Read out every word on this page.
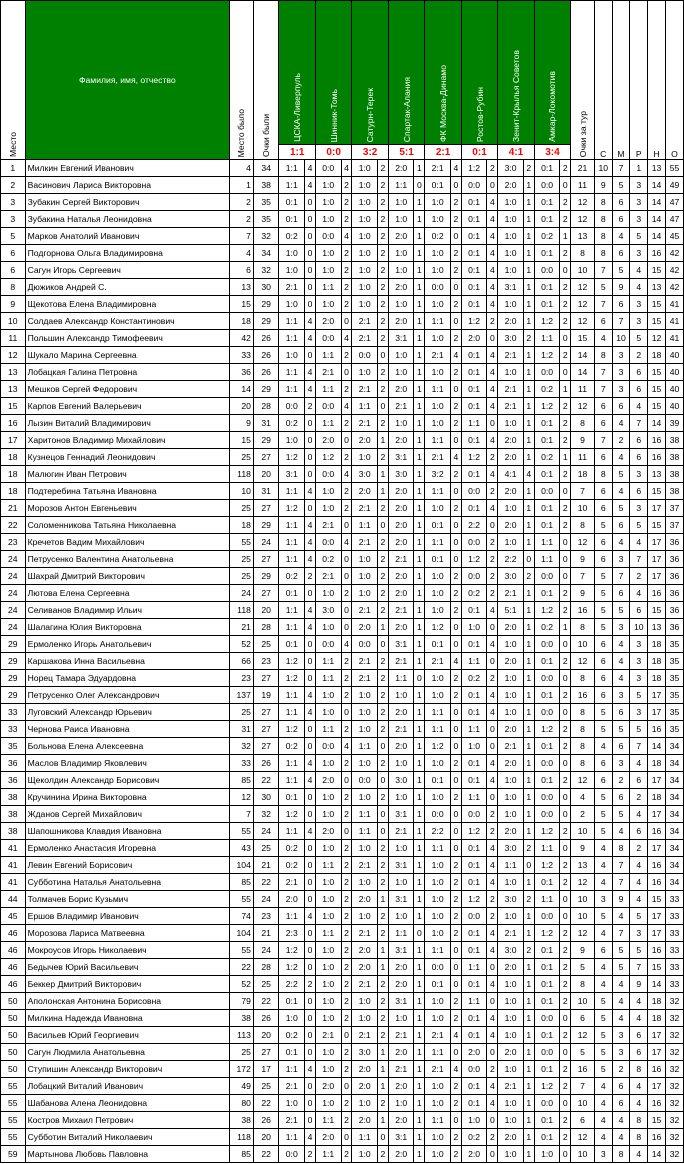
Место	Фамилия, имя, отчество	Место было	Очки были	ЦСКА-Ливерпуль		Шинник-Томь		Сатурн-Терек		Спартак-Алания		ФК Москва-Динамо		Ростов-Рубин		Зенит-Крылья Советов		Амкар-Локомотив		Очки за тур	С	М	Р	Н	О
				1:1		0:0		3:2		5:1		2:1		0:1		4:1		3:4							
1	Милкин Евгений Иванович	4	34	1:1	4	0:0	4	1:0	2	2:0	1	2:1	4	1:2	2	3:0	2	0:1	2	21	10	7	1	13	55
2	Васинович Лариса Викторовна	1	38	1:1	4	1:0	2	1:0	2	1:1	0	0:1	0	0:0	0	2:0	1	0:0	0	11	9	5	3	14	49
3	Зубакин Сергей Викторович	2	35	0:1	0	1:0	2	1:0	2	1:0	1	1:0	2	0:1	4	1:0	1	0:1	2	12	8	6	3	14	47
3	Зубакина Наталья Леонидовна	2	35	0:1	0	1:0	2	1:0	2	1:0	1	1:0	2	0:1	4	1:0	1	0:1	2	12	8	6	3	14	47
5	Марков Анатолий Иванович	7	32	0:2	0	0:0	4	1:0	2	2:0	1	0:2	0	0:1	4	1:0	1	0:2	1	13	8	4	5	14	45
6	Подгорнова Ольга Владимировна	4	34	1:0	0	1:0	2	1:0	2	1:0	1	1:0	2	0:1	4	1:0	1	0:1	2	8	8	6	3	16	42
6	Сагун Игорь Сергеевич	6	32	1:0	0	1:0	2	1:0	2	1:0	1	1:0	2	0:1	4	1:0	1	0:0	0	10	7	5	4	15	42
8	Дюжиков Андрей С.	13	30	2:1	0	1:1	2	1:0	2	2:0	1	0:0	0	0:1	4	3:1	1	0:1	2	12	5	9	4	13	42
9	Щекотова Елена Владимировна	15	29	1:0	0	1:0	2	1:0	2	1:0	1	1:0	2	0:1	4	1:0	1	0:1	2	12	7	6	3	15	41
10	Солдаев Александр Константинович	18	29	1:1	4	2:0	0	2:1	2	2:0	1	1:1	0	1:2	2	2:0	1	1:2	2	12	6	7	3	15	41
11	Польшин Александр Тимофеевич	42	26	1:1	4	0:0	4	2:1	2	3:1	1	1:0	2	2:0	0	3:0	2	1:1	0	15	4	10	5	12	41
12	Шукало Марина Сергеевна	33	26	1:0	0	1:1	2	0:0	0	1:0	1	2:1	4	0:1	4	2:1	1	1:2	2	14	8	3	2	18	40
13	Лобацкая Галина Петровна	36	26	1:1	4	2:1	0	1:0	2	1:0	1	1:0	2	0:1	4	1:0	1	0:0	0	14	7	3	6	15	40
13	Мешков Сергей Федорович	14	29	1:1	4	1:1	2	2:1	2	2:0	1	1:1	0	0:1	4	2:1	1	0:2	1	11	7	3	6	15	40
15	Карпов Евгений Валерьевич	20	28	0:0	2	0:0	4	1:1	0	2:1	1	1:0	2	0:1	4	2:1	1	1:2	2	12	6	6	4	15	40
16	Лызин Виталий Владимирович	9	31	0:2	0	1:1	2	2:1	2	1:0	1	1:0	2	1:1	0	1:0	1	0:1	2	8	6	4	7	14	39
17	Харитонов Владимир Михайлович	15	29	1:0	0	2:0	0	2:0	1	2:0	1	1:1	0	0:1	4	2:0	1	0:1	2	9	7	2	6	16	38
18	Кузнецов Геннадий Леонидович	25	27	1:2	0	1:2	2	1:0	2	3:1	1	2:1	4	1:2	2	2:0	1	0:2	1	11	6	4	6	16	38
18	Малюгин Иван Петрович	118	20	3:1	0	0:0	4	3:0	1	3:0	1	3:2	2	0:1	4	4:1	4	0:1	2	18	8	5	3	13	38
18	Подтеребина Татьяна Ивановна	10	31	1:1	4	1:0	2	2:0	1	2:0	1	1:1	0	0:0	2	2:0	1	0:0	0	7	6	4	6	15	38
21	Морозов Антон Евгеньевич	25	27	1:2	0	1:0	2	2:1	2	2:0	1	1:0	2	0:1	4	1:0	1	0:1	2	10	6	5	3	17	37
22	Соломенникова Татьяна Николаевна	18	29	1:1	4	2:1	0	1:1	0	2:0	1	0:1	0	2:2	0	2:0	1	0:1	2	8	5	6	5	15	37
23	Кречетов Вадим Михайлович	55	24	1:1	4	0:0	4	2:1	2	2:0	1	1:1	0	0:0	2	1:0	1	1:1	0	12	6	4	4	17	36
24	Петрусенко Валентина Анатольевна	25	27	1:1	4	0:2	0	1:0	2	2:1	1	0:1	0	1:2	2	2:2	0	1:1	0	9	6	3	7	17	36
24	Шахрай Дмитрий Викторович	25	29	0:2	2	2:1	0	1:0	2	2:0	1	1:0	2	0:0	2	3:0	2	0:0	0	7	5	7	2	17	36
24	Лютова Елена Сергеевна	24	27	0:1	0	1:0	2	1:0	2	2:0	1	1:0	2	0:2	2	2:1	1	0:1	2	9	5	6	4	16	36
24	Селиванов Владимир Ильич	118	20	1:1	4	3:0	0	2:1	2	2:1	1	1:0	2	0:1	4	5:1	1	1:2	2	16	5	5	6	15	36
24	Шалагина Юлия Викторовна	21	28	1:1	4	1:0	0	2:0	1	2:0	1	1:2	0	1:0	0	2:0	1	0:2	1	8	5	3	10	13	36
29	Ермоленко Игорь Анатольевич	52	25	0:1	0	0:0	4	0:0	0	3:1	1	0:1	0	0:1	4	1:0	1	0:0	0	10	6	4	3	18	35
29	Каршакова Инна Васильевна	66	23	1:2	0	1:1	2	2:1	2	2:1	1	2:1	4	1:1	0	2:0	1	0:1	2	12	6	4	3	18	35
29	Норец Тамара Эдуардовна	23	27	1:2	0	1:1	2	2:1	2	1:1	0	1:0	2	0:2	2	1:0	1	0:0	0	8	6	4	3	18	35
29	Петрусенко Олег Александрович	137	19	1:1	4	1:0	2	1:0	2	1:0	1	1:0	2	0:1	4	1:0	1	0:1	2	16	6	3	5	17	35
33	Луговский Александр Юрьевич	25	27	1:1	4	1:0	0	1:0	2	2:0	1	1:1	0	0:1	4	1:0	1	0:0	0	8	5	6	3	17	35
33	Чернова Раиса Ивановна	31	27	1:2	0	1:1	2	1:0	2	2:1	1	1:1	0	1:1	0	2:0	1	1:2	2	8	5	5	5	16	35
35	Больнова Елена Алексеевна	32	27	0:2	0	0:0	4	1:1	0	2:0	1	1:2	0	1:0	0	2:1	1	0:1	2	8	4	6	7	14	34
36	Маслов Владимир Яковлевич	33	26	1:1	4	1:0	2	1:0	2	1:0	1	1:0	2	0:1	4	2:0	1	0:0	0	8	6	3	4	18	34
36	Щеколдин Александр Борисович	85	22	1:1	4	2:0	0	0:0	0	3:0	1	0:1	0	0:1	4	1:0	1	0:1	2	12	6	2	6	17	34
38	Кручинина Ирина Викторовна	12	30	0:1	0	1:0	2	1:0	2	1:0	1	1:0	2	1:1	0	1:0	1	0:0	0	4	5	6	2	18	34
38	Жданов Сергей Михайлович	7	32	1:2	0	1:0	2	1:1	0	3:1	1	0:0	0	0:0	2	1:0	1	0:0	0	2	5	5	4	17	34
38	Шапошникова Клавдия Ивановна	55	24	1:1	4	2:0	0	1:1	0	2:1	1	2:2	0	1:2	2	2:0	1	1:2	2	10	5	4	6	16	34
41	Ермоленко Анастасия Игоревна	43	25	0:2	0	1:0	2	1:0	2	1:0	1	1:1	0	0:1	4	3:0	2	1:1	0	9	4	8	2	17	34
41	Левин Евгений Борисович	104	21	0:2	0	1:1	2	2:1	2	3:1	1	1:0	2	0:1	4	1:1	0	1:2	2	13	4	7	4	16	34
41	Субботина Наталья Анатольевна	85	22	2:1	0	1:0	2	1:0	2	1:0	1	1:0	2	0:1	4	1:0	1	0:1	2	12	4	7	4	16	34
44	Толмачев Борис Кузьмич	55	24	2:0	0	1:0	2	2:0	1	3:1	1	1:0	2	1:2	2	3:0	2	1:1	0	10	3	9	4	15	33
45	Ершов Владимир Иванович	74	23	1:1	4	1:0	2	1:0	2	1:0	1	1:0	2	0:0	2	1:0	1	0:0	0	10	5	4	5	17	33
46	Морозова Лариса Матвеевна	104	21	2:3	0	1:1	2	2:1	2	1:1	0	1:0	2	0:1	4	2:1	1	1:2	2	12	4	7	3	17	33
46	Мокроусов Игорь Николаевич	55	24	1:2	0	1:0	2	2:0	1	3:1	1	1:1	0	0:1	4	3:0	2	0:1	2	9	6	5	5	16	33
46	Бедычев Юрий Васильевич	22	28	1:2	0	1:0	2	2:0	1	2:0	1	0:0	0	1:1	0	2:0	1	0:1	2	5	4	5	7	15	33
46	Беккер Дмитрий Викторович	52	25	2:2	2	1:0	2	2:1	2	2:0	1	0:1	0	0:1	4	1:0	1	0:1	2	8	4	4	9	14	33
50	Аполонская Антонина Борисовна	79	22	0:1	0	1:0	2	1:0	2	3:1	1	1:0	2	1:1	0	1:0	1	0:1	2	10	5	4	4	18	32
50	Милкина Надежда Ивановна	38	26	1:0	0	1:0	2	1:0	2	1:0	1	1:0	2	0:1	4	1:0	1	0:0	0	6	5	4	4	18	32
50	Васильев Юрий Георгиевич	113	20	0:2	0	2:1	0	2:1	2	2:1	1	2:1	4	0:1	4	1:0	1	0:1	2	12	5	3	6	17	32
50	Сагун Людмила Анатольевна	25	27	0:1	0	1:0	2	3:0	1	2:0	1	1:1	0	2:0	0	2:0	1	0:0	0	5	5	3	6	17	32
50	Ступишин Александр Викторович	172	17	1:1	4	1:0	2	2:0	1	2:1	1	2:1	4	0:0	2	1:0	1	0:1	2	16	5	2	8	16	32
55	Лобацкий Виталий Иванович	49	25	2:1	0	2:0	0	2:0	1	2:0	1	1:0	2	0:1	4	2:1	1	1:2	2	7	4	6	4	17	32
55	Шабанова Алена Леонидовна	80	22	1:0	0	1:0	2	1:0	2	1:0	1	1:0	2	0:1	4	1:0	1	0:0	0	10	4	6	4	16	32
55	Костров Михаил Петрович	38	26	2:1	0	1:1	2	2:0	1	2:0	1	1:1	0	1:0	0	1:0	1	0:1	2	6	4	4	8	15	32
55	Субботин Виталий Николаевич	118	20	1:1	4	2:0	0	1:1	0	3:1	1	1:0	2	0:2	2	2:0	1	0:1	2	12	4	4	8	16	32
59	Мартынова Любовь Павловна	85	22	0:0	2	1:1	2	1:0	2	2:0	1	1:0	2	2:0	0	1:0	1	1:0	0	10	3	8	4	14	32
